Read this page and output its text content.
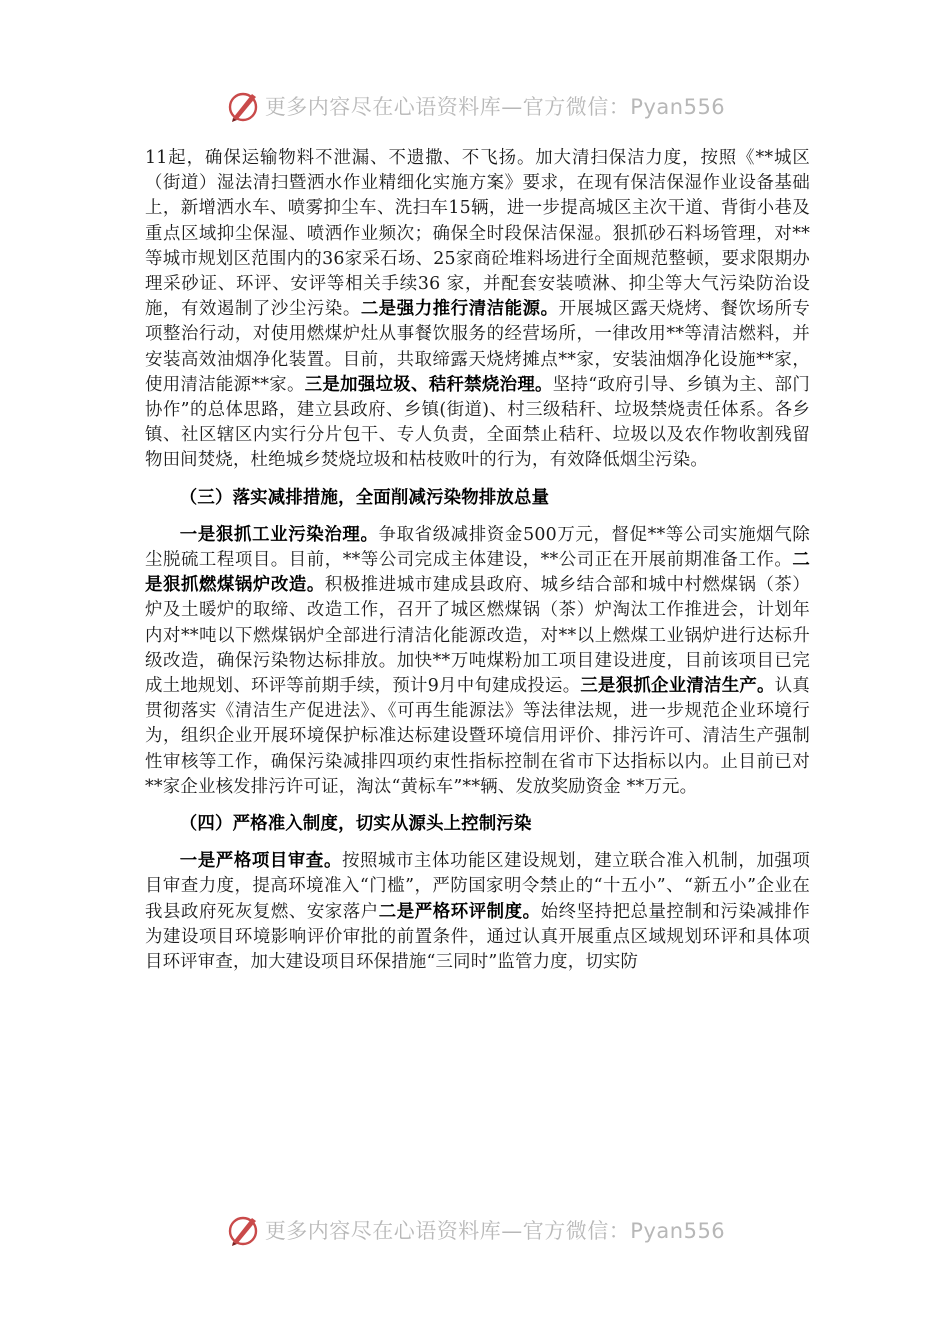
更多内容尽在心语资料库—官方微信：Pyan556

11起，确保运输物料不泄漏、不遗撒、不飞扬。加大清扫保洁力度，按照《**城区（街道）湿法清扫暨洒水作业精细化实施方案》要求，在现有保洁保湿作业设备基础上，新增洒水车、喷雾抑尘车、洗扫车15辆，进一步提高城区主次干道、背街小巷及重点区域抑尘保湿、喷洒作业频次；确保全时段保洁保湿。狠抓砂石料场管理，对**等城市规划区范围内的36家采石场、25家商砼堆料场进行全面规范整顿，要求限期办理采砂证、环评、安评等相关手续36 家，并配套安装喷淋、抑尘等大气污染防治设施，有效遏制了沙尘污染。二是强力推行清洁能源。开展城区露天烧烤、餐饮场所专项整治行动，对使用燃煤炉灶从事餐饮服务的经营场所，一律改用**等清洁燃料，并安装高效油烟净化装置。目前，共取缔露天烧烤摊点**家，安装油烟净化设施**家，使用清洁能源**家。三是加强垃圾、秸秆禁烧治理。坚持“政府引导、乡镇为主、部门协作”的总体思路，建立县政府、乡镇(街道)、村三级秸秆、垃圾禁烧责任体系。各乡镇、社区辖区内实行分片包干、专人负责，全面禁止秸秆、垃圾以及农作物收割残留物田间焚烧，杜绝城乡焚烧垃圾和枯枝败叶的行为，有效降低烟尘污染。

（三）落实减排措施，全面削减污染物排放总量

一是狠抓工业污染治理。争取省级减排资金500万元，督促**等公司实施烟气除尘脱硫工程项目。目前，**等公司完成主体建设，**公司正在开展前期准备工作。二是狠抓燃煤锅炉改造。积极推进城市建成县政府、城乡结合部和城中村燃煤锅（茶）炉及土暖炉的取缔、改造工作，召开了城区燃煤锅（茶）炉淘汰工作推进会，计划年内对**吨以下燃煤锅炉全部进行清洁化能源改造，对**以上燃煤工业锅炉进行达标升级改造，确保污染物达标排放。加快**万吨煤粉加工项目建设进度，目前该项目已完成土地规划、环评等前期手续，预计9月中旬建成投运。三是狠抓企业清洁生产。认真贯彻落实《清洁生产促进法》、《可再生能源法》等法律法规，进一步规范企业环境行为，组织企业开展环境保护标准达标建设暨环境信用评价、排污许可、清洁生产强制性审核等工作，确保污染减排四项约束性指标控制在省市下达指标以内。止目前已对**家企业核发排污许可证，淘汰“黄标车”**辆、发放奖励资金 **万元。

（四）严格准入制度，切实从源头上控制污染

一是严格项目审查。按照城市主体功能区建设规划，建立联合准入机制，加强项目审查力度，提高环境准入“门槛”，严防国家明令禁止的“十五小”、“新五小”企业在我县政府死灰复燃、安家落户二是严格环评制度。始终坚持把总量控制和污染减排作为建设项目环境影响评价审批的前置条件，通过认真开展重点区域规划环评和具体项目环评审查，加大建设项目环保措施“三同时”监管力度，切实防

更多内容尽在心语资料库—官方微信：Pyan556
